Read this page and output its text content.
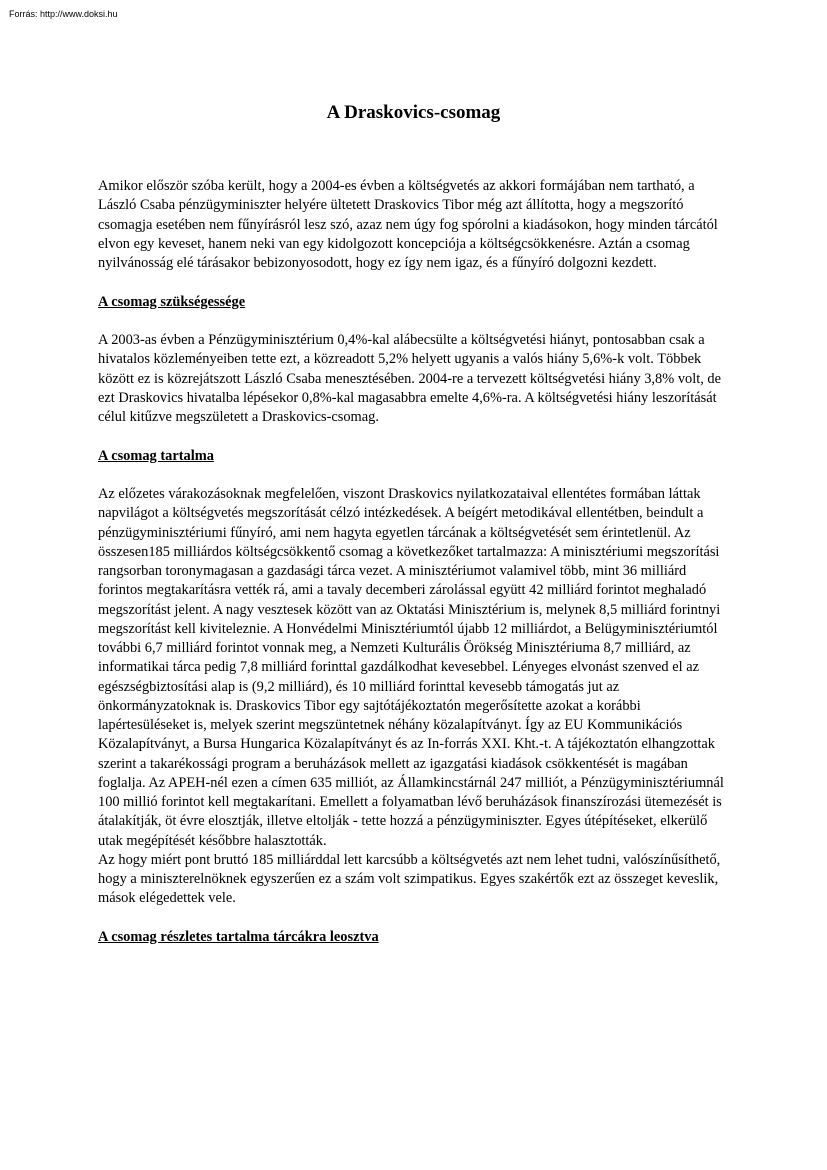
Forrás: http://www.doksi.hu
A Draskovics-csomag

Amikor először szóba került, hogy a 2004-es évben a költségvetés az akkori formájában nem tartható, a László Csaba pénzügyminiszter helyére ültetett Draskovics Tibor még azt állította, hogy a megszorító csomagja esetében nem fűnyírásról lesz szó, azaz nem úgy fog spórolni a kiadásokon, hogy minden tárcától elvon egy keveset, hanem neki van egy kidolgozott koncepciója a költségcsökkenésre. Aztán a csomag nyilvánosság elé tárásakor bebizonyosodott, hogy ez így nem igaz, és a fűnyíró dolgozni kezdett.

A csomag szükségessége

A 2003-as évben a Pénzügyminisztérium 0,4%-kal alábecsülte a költségvetési hiányt, pontosabban csak a hivatalos közleményeiben tette ezt, a közreadott 5,2% helyett ugyanis a valós hiány 5,6%-k volt. Többek között ez is közrejátszott László Csaba menesztésében. 2004-re a tervezett költségvetési hiány 3,8% volt, de ezt Draskovics hivatalba lépésekor 0,8%-kal magasabbra emelte 4,6%-ra. A költségvetési hiány leszorítását célul kitűzve megszületett a Draskovics-csomag.

A csomag tartalma

Az előzetes várakozásoknak megfelelően, viszont Draskovics nyilatkozataival ellentétes formában láttak napvilágot a költségvetés megszorítását célzó intézkedések. A beígért metodikával ellentétben, beindult a pénzügyminisztériumi fűnyíró, ami nem hagyta egyetlen tárcának a költségvetését sem érintetlenül. Az összesen185 milliárdos költségcsökkentő csomag a következőket tartalmazza: A minisztériumi megszorítási rangsorban toronymagasan a gazdasági tárca vezet. A minisztériumot valamivel több, mint 36 milliárd forintos megtakarításra vették rá, ami a tavaly decemberi zárolással együtt 42 milliárd forintot meghaladó megszorítást jelent. A nagy vesztesek között van az Oktatási Minisztérium is, melynek 8,5 milliárd forintnyi megszorítást kell kiviteleznie. A Honvédelmi Minisztériumtól újabb 12 milliárdot, a Belügyminisztériumtól további 6,7 milliárd forintot vonnak meg, a Nemzeti Kulturális Örökség Minisztériuma 8,7 milliárd, az informatikai tárca pedig 7,8 milliárd forinttal gazdálkodhat kevesebbel. Lényeges elvonást szenved el az egészségbiztosítási alap is (9,2 milliárd), és 10 milliárd forinttal kevesebb támogatás jut az önkormányzatoknak is. Draskovics Tibor egy sajtótájékoztatón megerősítette azokat a korábbi lapértesüléseket is, melyek szerint megszüntetnek néhány közalapítványt. Így az EU Kommunikációs Közalapítványt, a Bursa Hungarica Közalapítványt és az In-forrás XXI. Kht.-t. A tájékoztatón elhangzottak szerint a takarékossági program a beruházások mellett az igazgatási kiadások csökkentését is magában foglalja. Az APEH-nél ezen a címen 635 milliót, az Államkincstárnál 247 milliót, a Pénzügyminisztériumnál 100 millió forintot kell megtakarítani. Emellett a folyamatban lévő beruházások finanszírozási ütemezését is átalakítják, öt évre elosztják, illetve eltolják - tette hozzá a pénzügyminiszter. Egyes útépítéseket, elkerülő utak megépítését későbbre halasztották.

Az hogy miért pont bruttó 185 milliárddal lett karcsúbb a költségvetés azt nem lehet tudni, valószínűsíthető, hogy a miniszterelnöknek egyszerűen ez a szám volt szimpatikus. Egyes szakértők ezt az összeget keveslik, mások elégedettek vele.

A csomag részletes tartalma tárcákra leosztva
